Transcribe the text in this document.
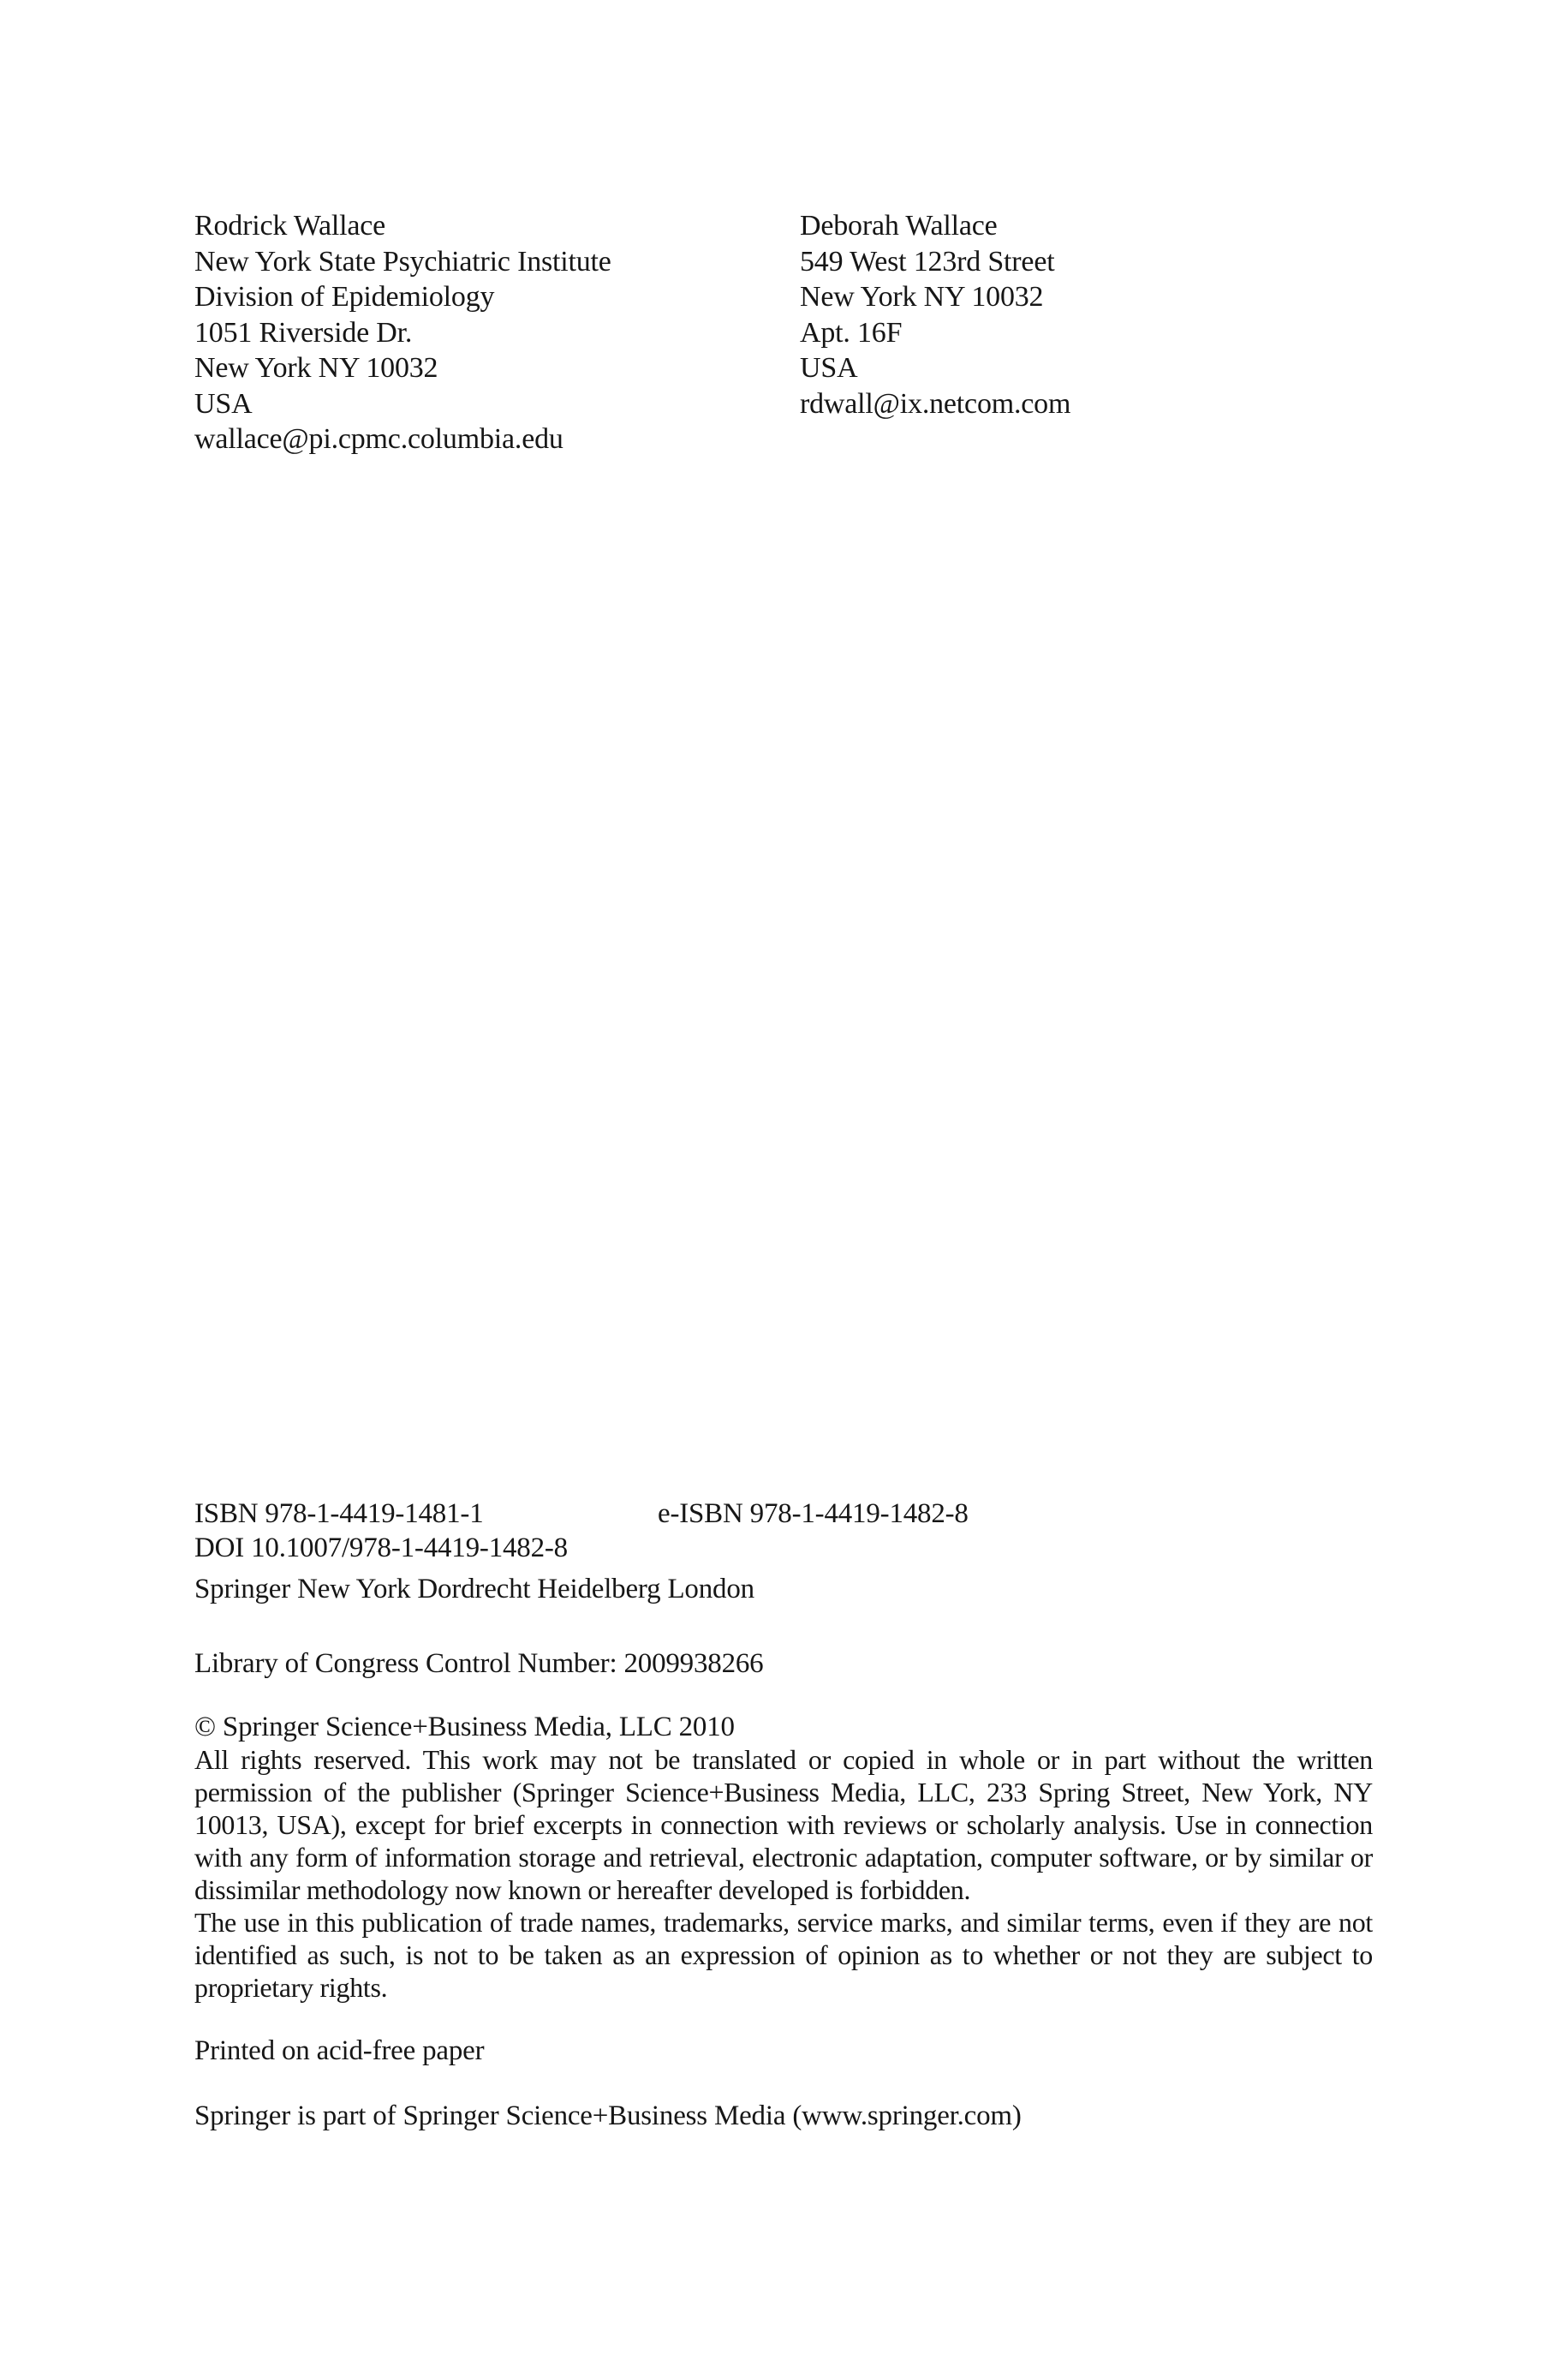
Rodrick Wallace
New York State Psychiatric Institute
Division of Epidemiology
1051 Riverside Dr.
New York NY 10032
USA
wallace@pi.cpmc.columbia.edu
Deborah Wallace
549 West 123rd Street
New York NY 10032
Apt. 16F
USA
rdwall@ix.netcom.com
ISBN 978-1-4419-1481-1	e-ISBN 978-1-4419-1482-8
DOI 10.1007/978-1-4419-1482-8
Springer New York Dordrecht Heidelberg London
Library of Congress Control Number: 2009938266
© Springer Science+Business Media, LLC 2010

All rights reserved. This work may not be translated or copied in whole or in part without the written permission of the publisher (Springer Science+Business Media, LLC, 233 Spring Street, New York, NY 10013, USA), except for brief excerpts in connection with reviews or scholarly analysis. Use in connection with any form of information storage and retrieval, electronic adaptation, computer software, or by similar or dissimilar methodology now known or hereafter developed is forbidden.

The use in this publication of trade names, trademarks, service marks, and similar terms, even if they are not identified as such, is not to be taken as an expression of opinion as to whether or not they are subject to proprietary rights.

Printed on acid-free paper
Springer is part of Springer Science+Business Media (www.springer.com)
